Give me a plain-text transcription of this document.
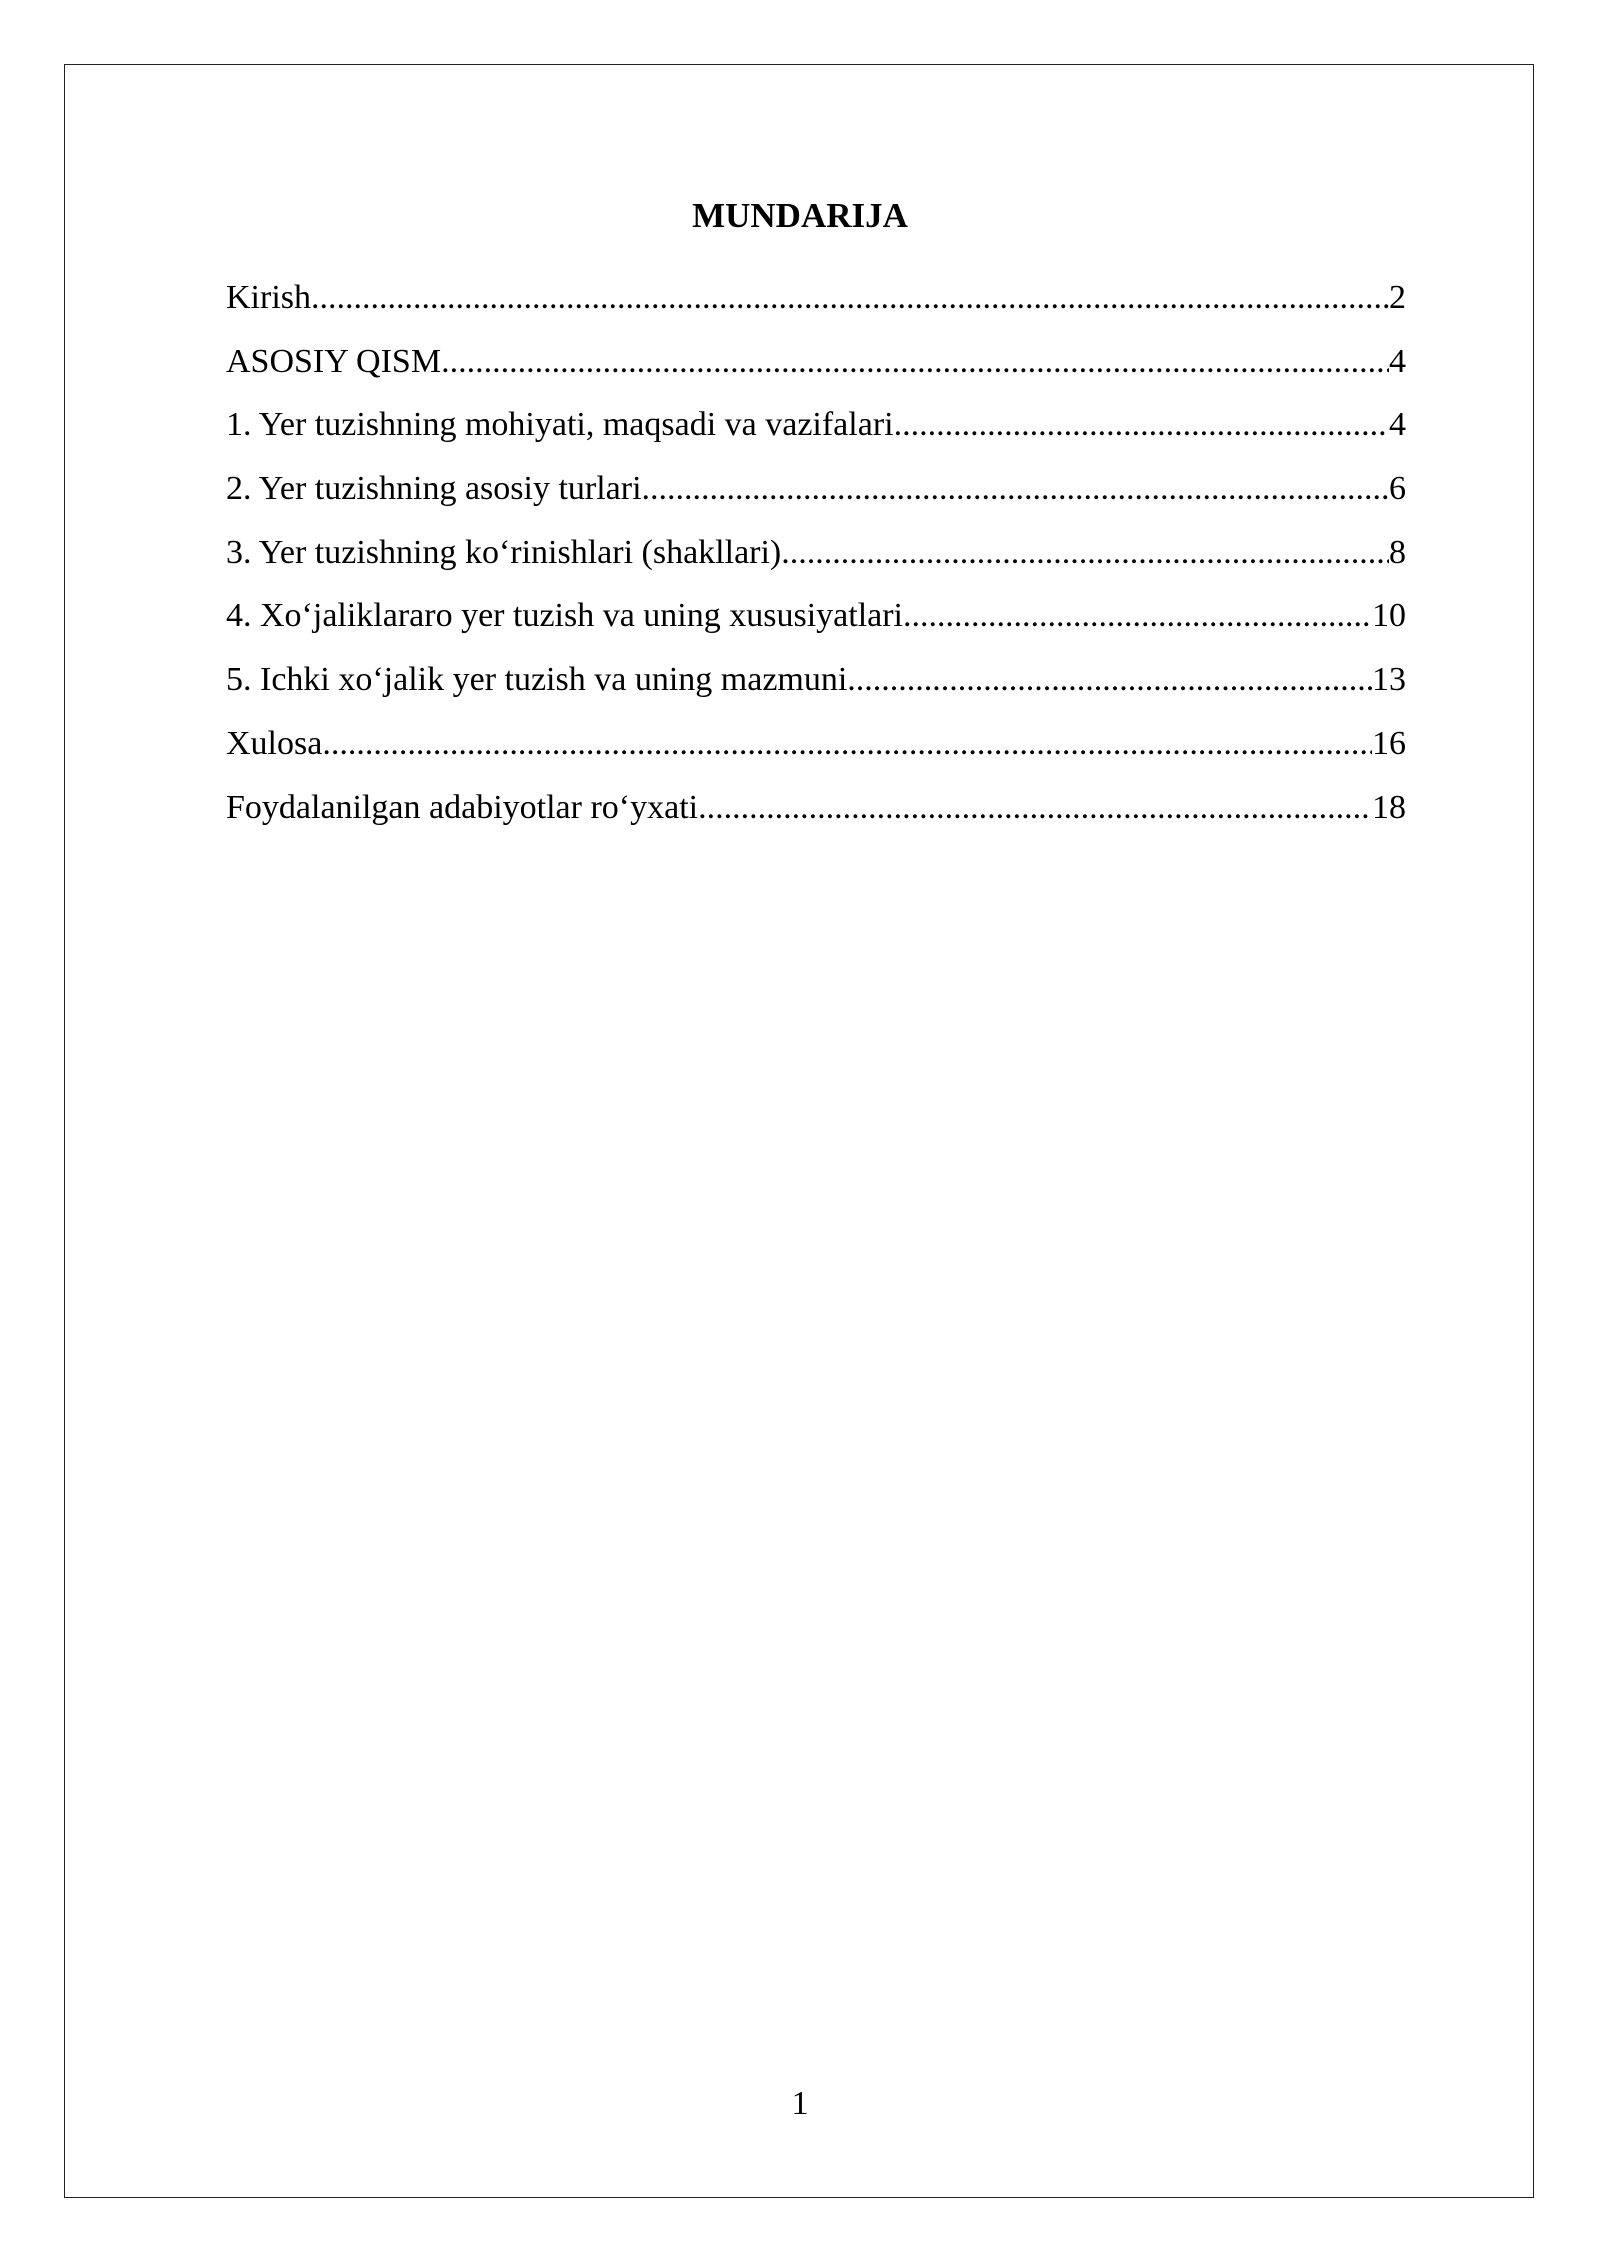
MUNDARIJA
Kirish .....	2
ASOSIY QISM .....	4
1. Yer tuzishning mohiyati, maqsadi va vazifalari .....	4
2. Yer tuzishning asosiy turlari .....	6
3. Yer tuzishning ko‘rinishlari (shakllari) .....	8
4. Xo‘jaliklararo yer tuzish va uning xususiyatlari .....	10
5. Ichki xo‘jalik yer tuzish va uning mazmuni .....	13
Xulosa .....	16
Foydalanilgan adabiyotlar ro‘yxati .....	18
1
